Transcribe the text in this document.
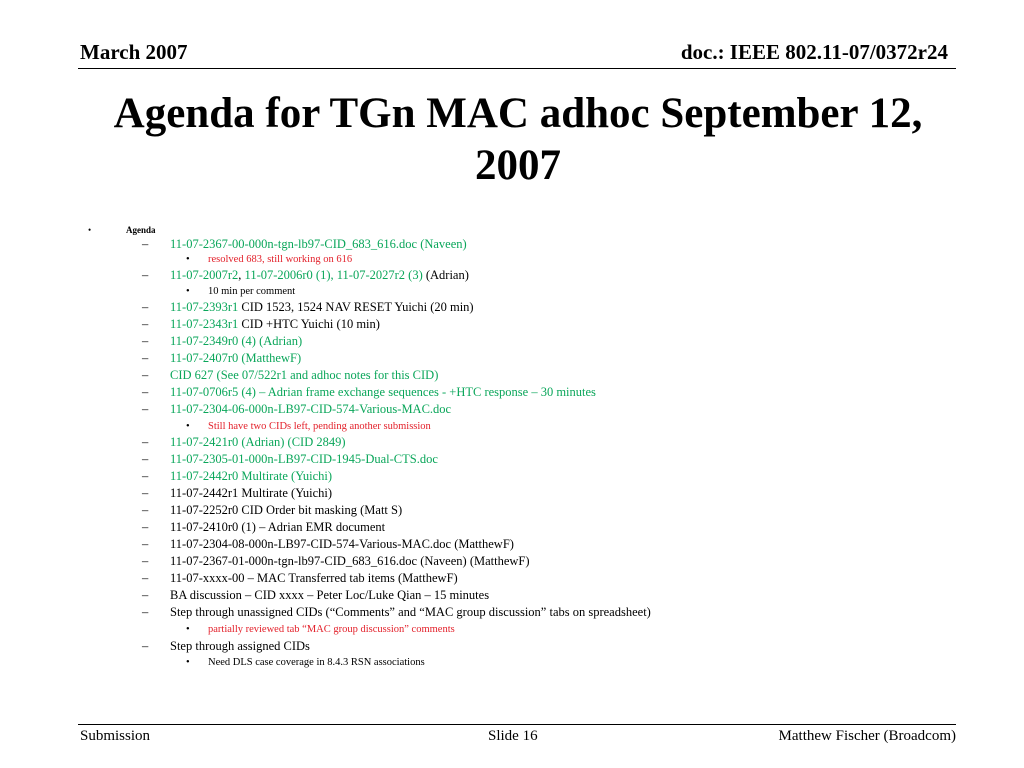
March 2007	doc.: IEEE 802.11-07/0372r24
Agenda for TGn MAC adhoc September 12, 2007
•	Agenda
– 11-07-2367-00-000n-tgn-lb97-CID_683_616.doc (Naveen)
• resolved 683, still working on 616
– 11-07-2007r2, 11-07-2006r0 (1), 11-07-2027r2 (3) (Adrian)
• 10 min per comment
– 11-07-2393r1 CID 1523, 1524 NAV RESET Yuichi (20 min)
– 11-07-2343r1 CID +HTC Yuichi (10 min)
– 11-07-2349r0 (4) (Adrian)
– 11-07-2407r0 (MatthewF)
– CID 627 (See 07/522r1 and adhoc notes for this CID)
– 11-07-0706r5 (4) – Adrian frame exchange sequences - +HTC response – 30 minutes
– 11-07-2304-06-000n-LB97-CID-574-Various-MAC.doc
• Still have two CIDs left, pending another submission
– 11-07-2421r0 (Adrian) (CID 2849)
– 11-07-2305-01-000n-LB97-CID-1945-Dual-CTS.doc
– 11-07-2442r0 Multirate (Yuichi)
– 11-07-2442r1 Multirate (Yuichi)
– 11-07-2252r0 CID Order bit masking (Matt S)
– 11-07-2410r0 (1) – Adrian EMR document
– 11-07-2304-08-000n-LB97-CID-574-Various-MAC.doc (MatthewF)
– 11-07-2367-01-000n-tgn-lb97-CID_683_616.doc (Naveen) (MatthewF)
– 11-07-xxxx-00 – MAC Transferred tab items (MatthewF)
– BA discussion – CID xxxx – Peter Loc/Luke Qian – 15 minutes
– Step through unassigned CIDs (“Comments” and “MAC group discussion” tabs on spreadsheet)
• partially reviewed tab “MAC group discussion” comments
– Step through assigned CIDs
• Need DLS case coverage in 8.4.3 RSN associations
Submission	Slide 16	Matthew Fischer (Broadcom)
